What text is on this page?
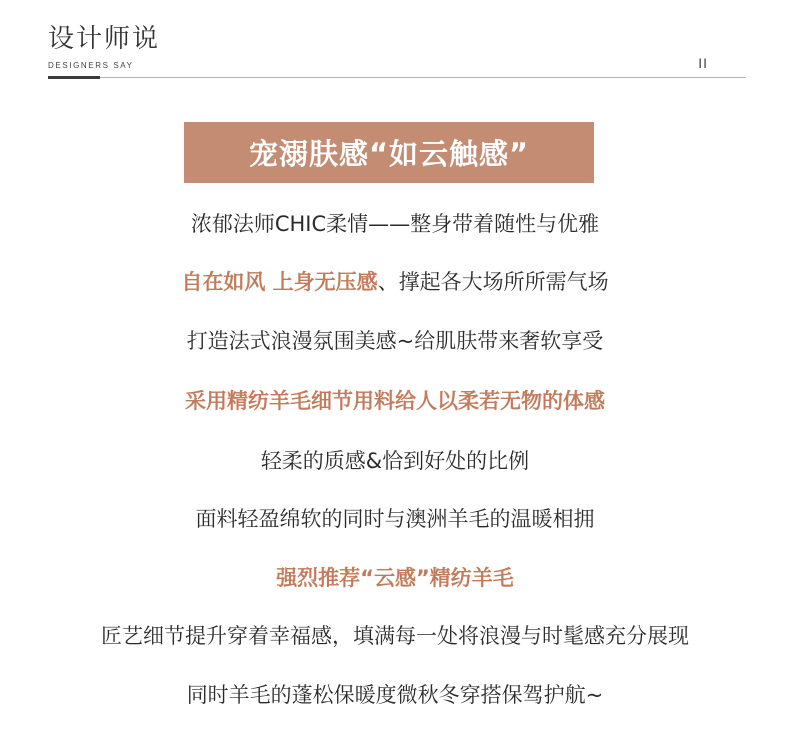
设计师说
DESIGNERS SAY	II
宠溺肤感“如云触感”
浓郁法师CHIC柔情——整身带着随性与优雅
自在如风 上身无压感、撑起各大场所所需气场
打造法式浪漫氛围美感~给肌肤带来奢软享受
采用精纺羊毛细节用料给人以柔若无物的体感
轻柔的质感&恰到好处的比例
面料轻盈绵软的同时与澳洲羊毛的温暖相拥
强烈推荐“云感”精纺羊毛
匠艺细节提升穿着幸福感，填满每一处将浪漫与时髦感充分展现
同时羊毛的蓬松保暖度微秋冬穿搭保驾护航~
